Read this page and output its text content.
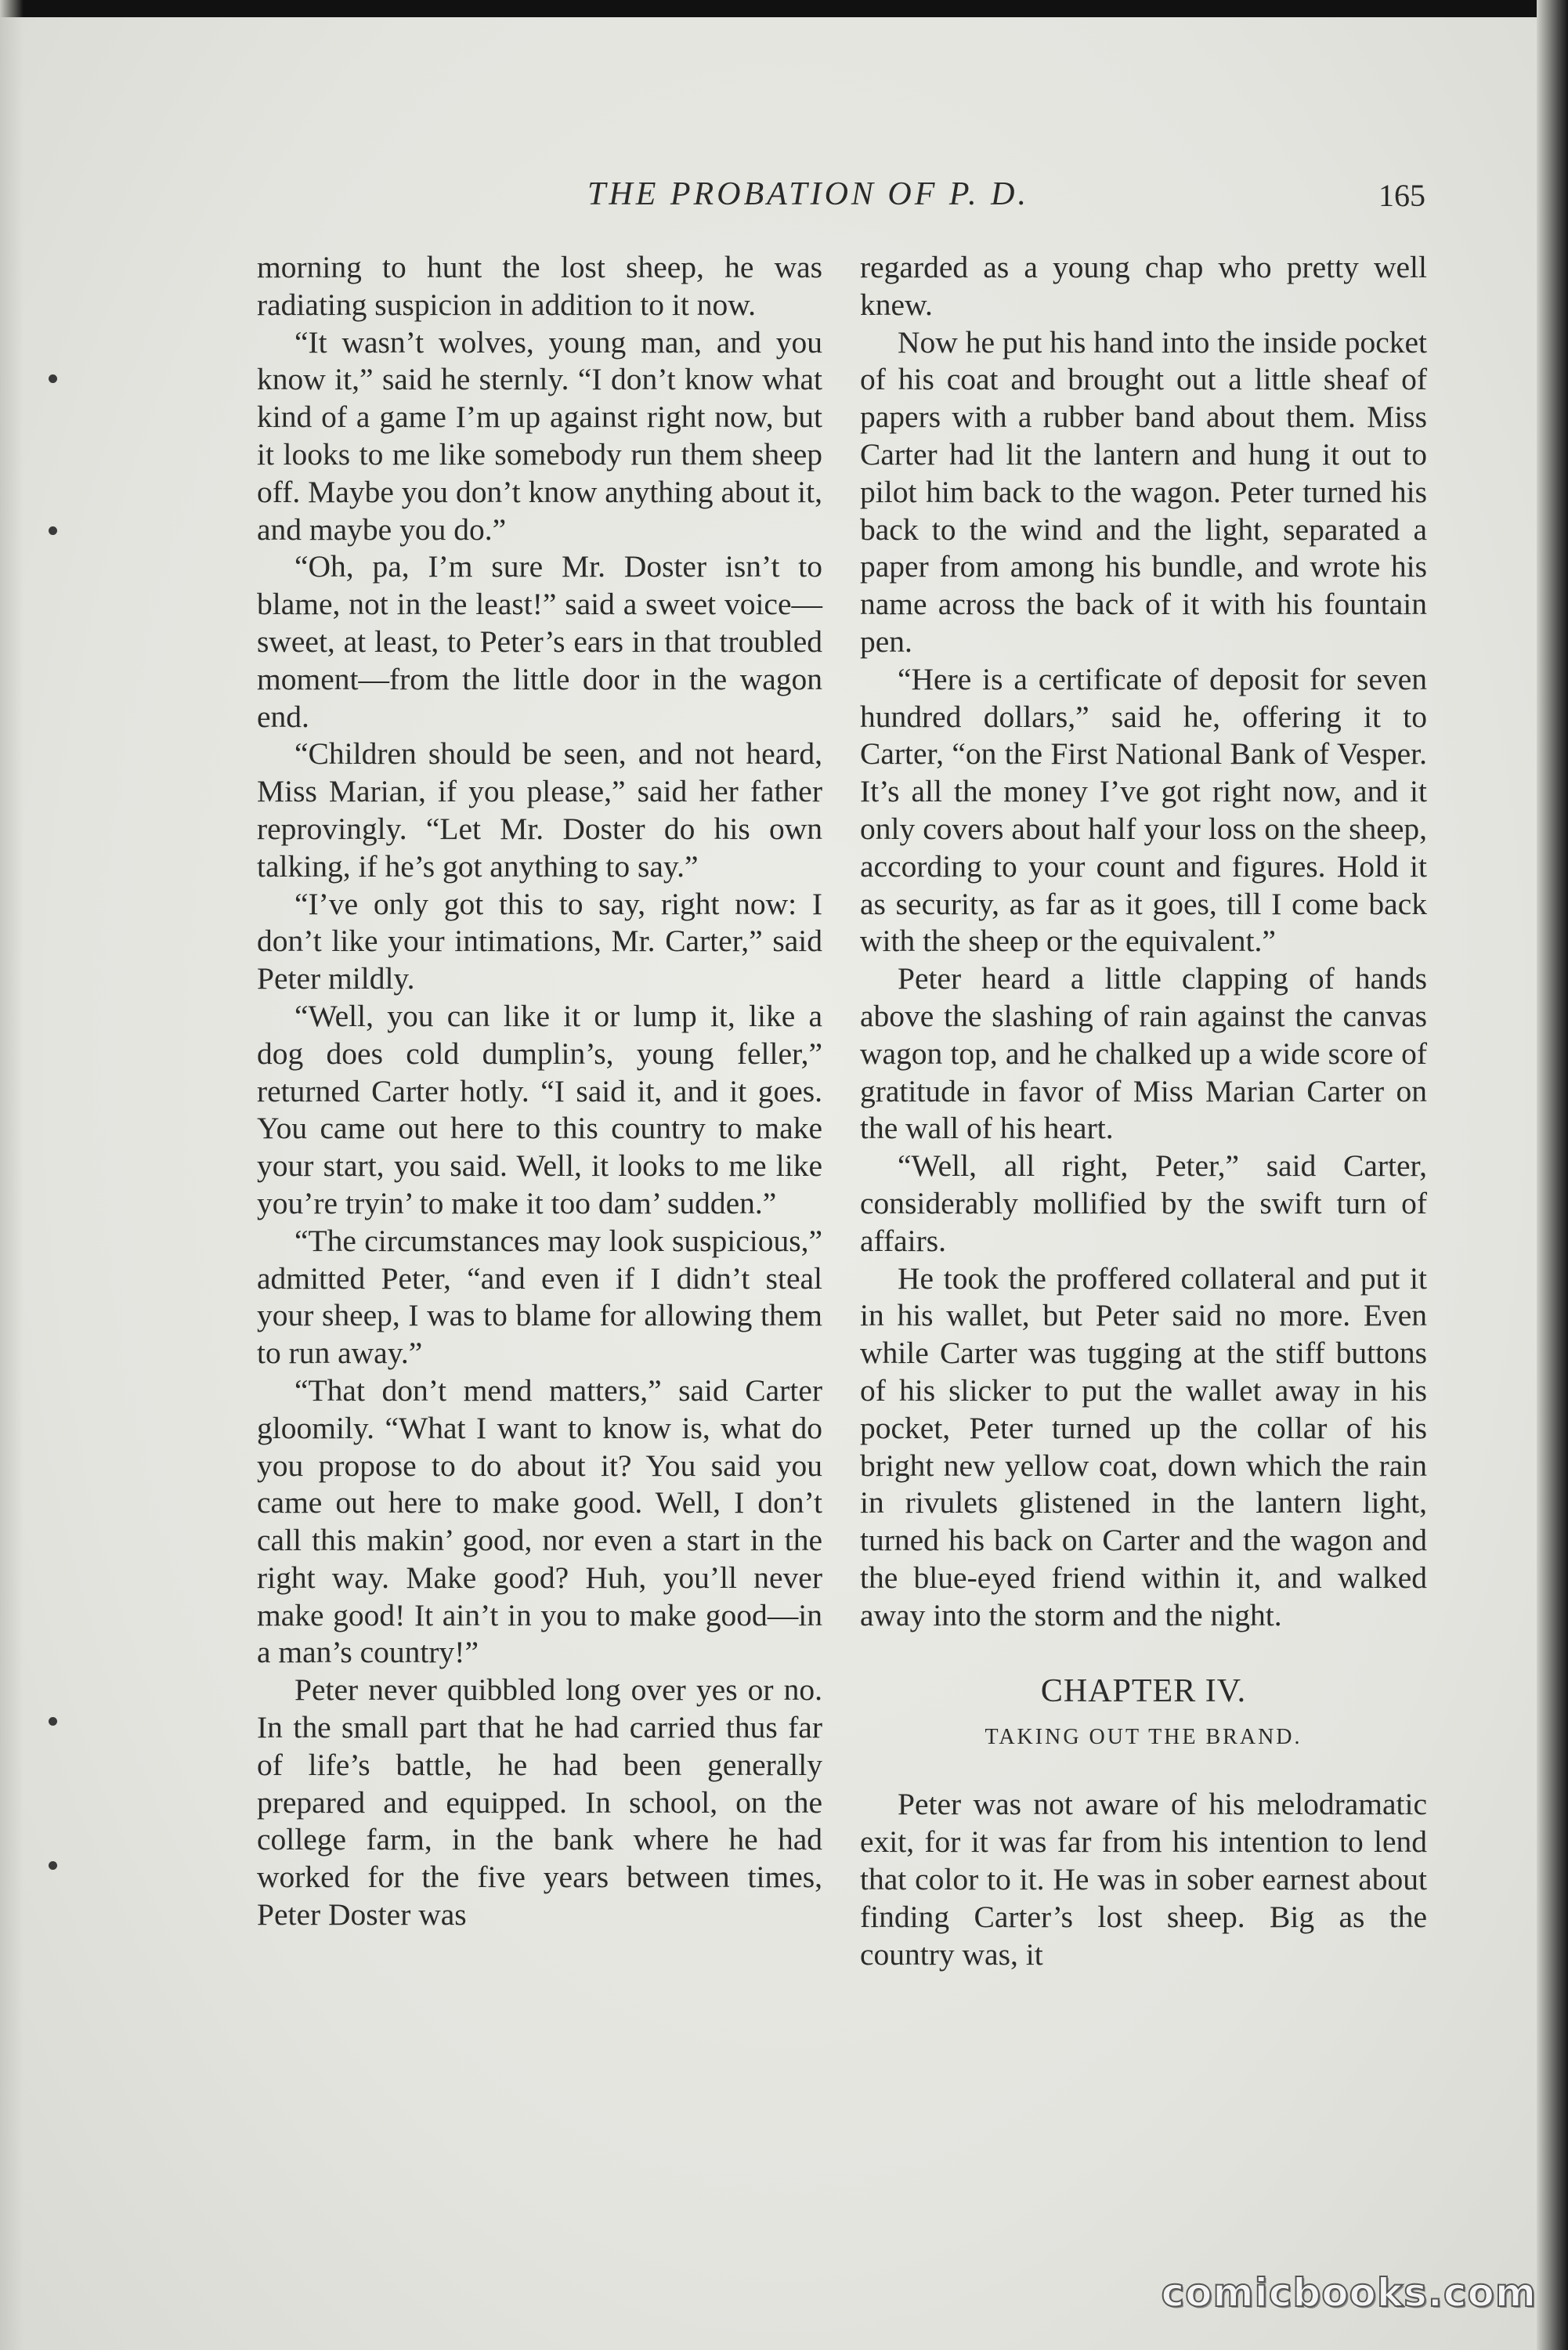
THE PROBATION OF P. D.	165

morning to hunt the lost sheep, he was radiating suspicion in addition to it now.

“It wasn’t wolves, young man, and you know it,” said he sternly. “I don’t know what kind of a game I’m up against right now, but it looks to me like somebody run them sheep off. Maybe you don’t know anything about it, and maybe you do.”

“Oh, pa, I’m sure Mr. Doster isn’t to blame, not in the least!” said a sweet voice—sweet, at least, to Peter’s ears in that troubled moment—from the little door in the wagon end.

“Children should be seen, and not heard, Miss Marian, if you please,” said her father reprovingly. “Let Mr. Doster do his own talking, if he’s got anything to say.”

“I’ve only got this to say, right now: I don’t like your intimations, Mr. Carter,” said Peter mildly.

“Well, you can like it or lump it, like a dog does cold dumplin’s, young feller,” returned Carter hotly. “I said it, and it goes. You came out here to this country to make your start, you said. Well, it looks to me like you’re tryin’ to make it too dam’ sudden.”

“The circumstances may look suspicious,” admitted Peter, “and even if I didn’t steal your sheep, I was to blame for allowing them to run away.”

“That don’t mend matters,” said Carter gloomily. “What I want to know is, what do you propose to do about it? You said you came out here to make good. Well, I don’t call this makin’ good, nor even a start in the right way. Make good? Huh, you’ll never make good! It ain’t in you to make good—in a man’s country!”

Peter never quibbled long over yes or no. In the small part that he had carried thus far of life’s battle, he had been generally prepared and equipped. In school, on the college farm, in the bank where he had worked for the five years between times, Peter Doster was

regarded as a young chap who pretty well knew.

Now he put his hand into the inside pocket of his coat and brought out a little sheaf of papers with a rubber band about them. Miss Carter had lit the lantern and hung it out to pilot him back to the wagon. Peter turned his back to the wind and the light, separated a paper from among his bundle, and wrote his name across the back of it with his fountain pen.

“Here is a certificate of deposit for seven hundred dollars,” said he, offering it to Carter, “on the First National Bank of Vesper. It’s all the money I’ve got right now, and it only covers about half your loss on the sheep, according to your count and figures. Hold it as security, as far as it goes, till I come back with the sheep or the equivalent.”

Peter heard a little clapping of hands above the slashing of rain against the canvas wagon top, and he chalked up a wide score of gratitude in favor of Miss Marian Carter on the wall of his heart.

“Well, all right, Peter,” said Carter, considerably mollified by the swift turn of affairs.

He took the proffered collateral and put it in his wallet, but Peter said no more. Even while Carter was tugging at the stiff buttons of his slicker to put the wallet away in his pocket, Peter turned up the collar of his bright new yellow coat, down which the rain in rivulets glistened in the lantern light, turned his back on Carter and the wagon and the blue-eyed friend within it, and walked away into the storm and the night.

CHAPTER IV.
TAKING OUT THE BRAND.

Peter was not aware of his melodramatic exit, for it was far from his intention to lend that color to it. He was in sober earnest about finding Carter’s lost sheep. Big as the country was, it

comicbooks.com
